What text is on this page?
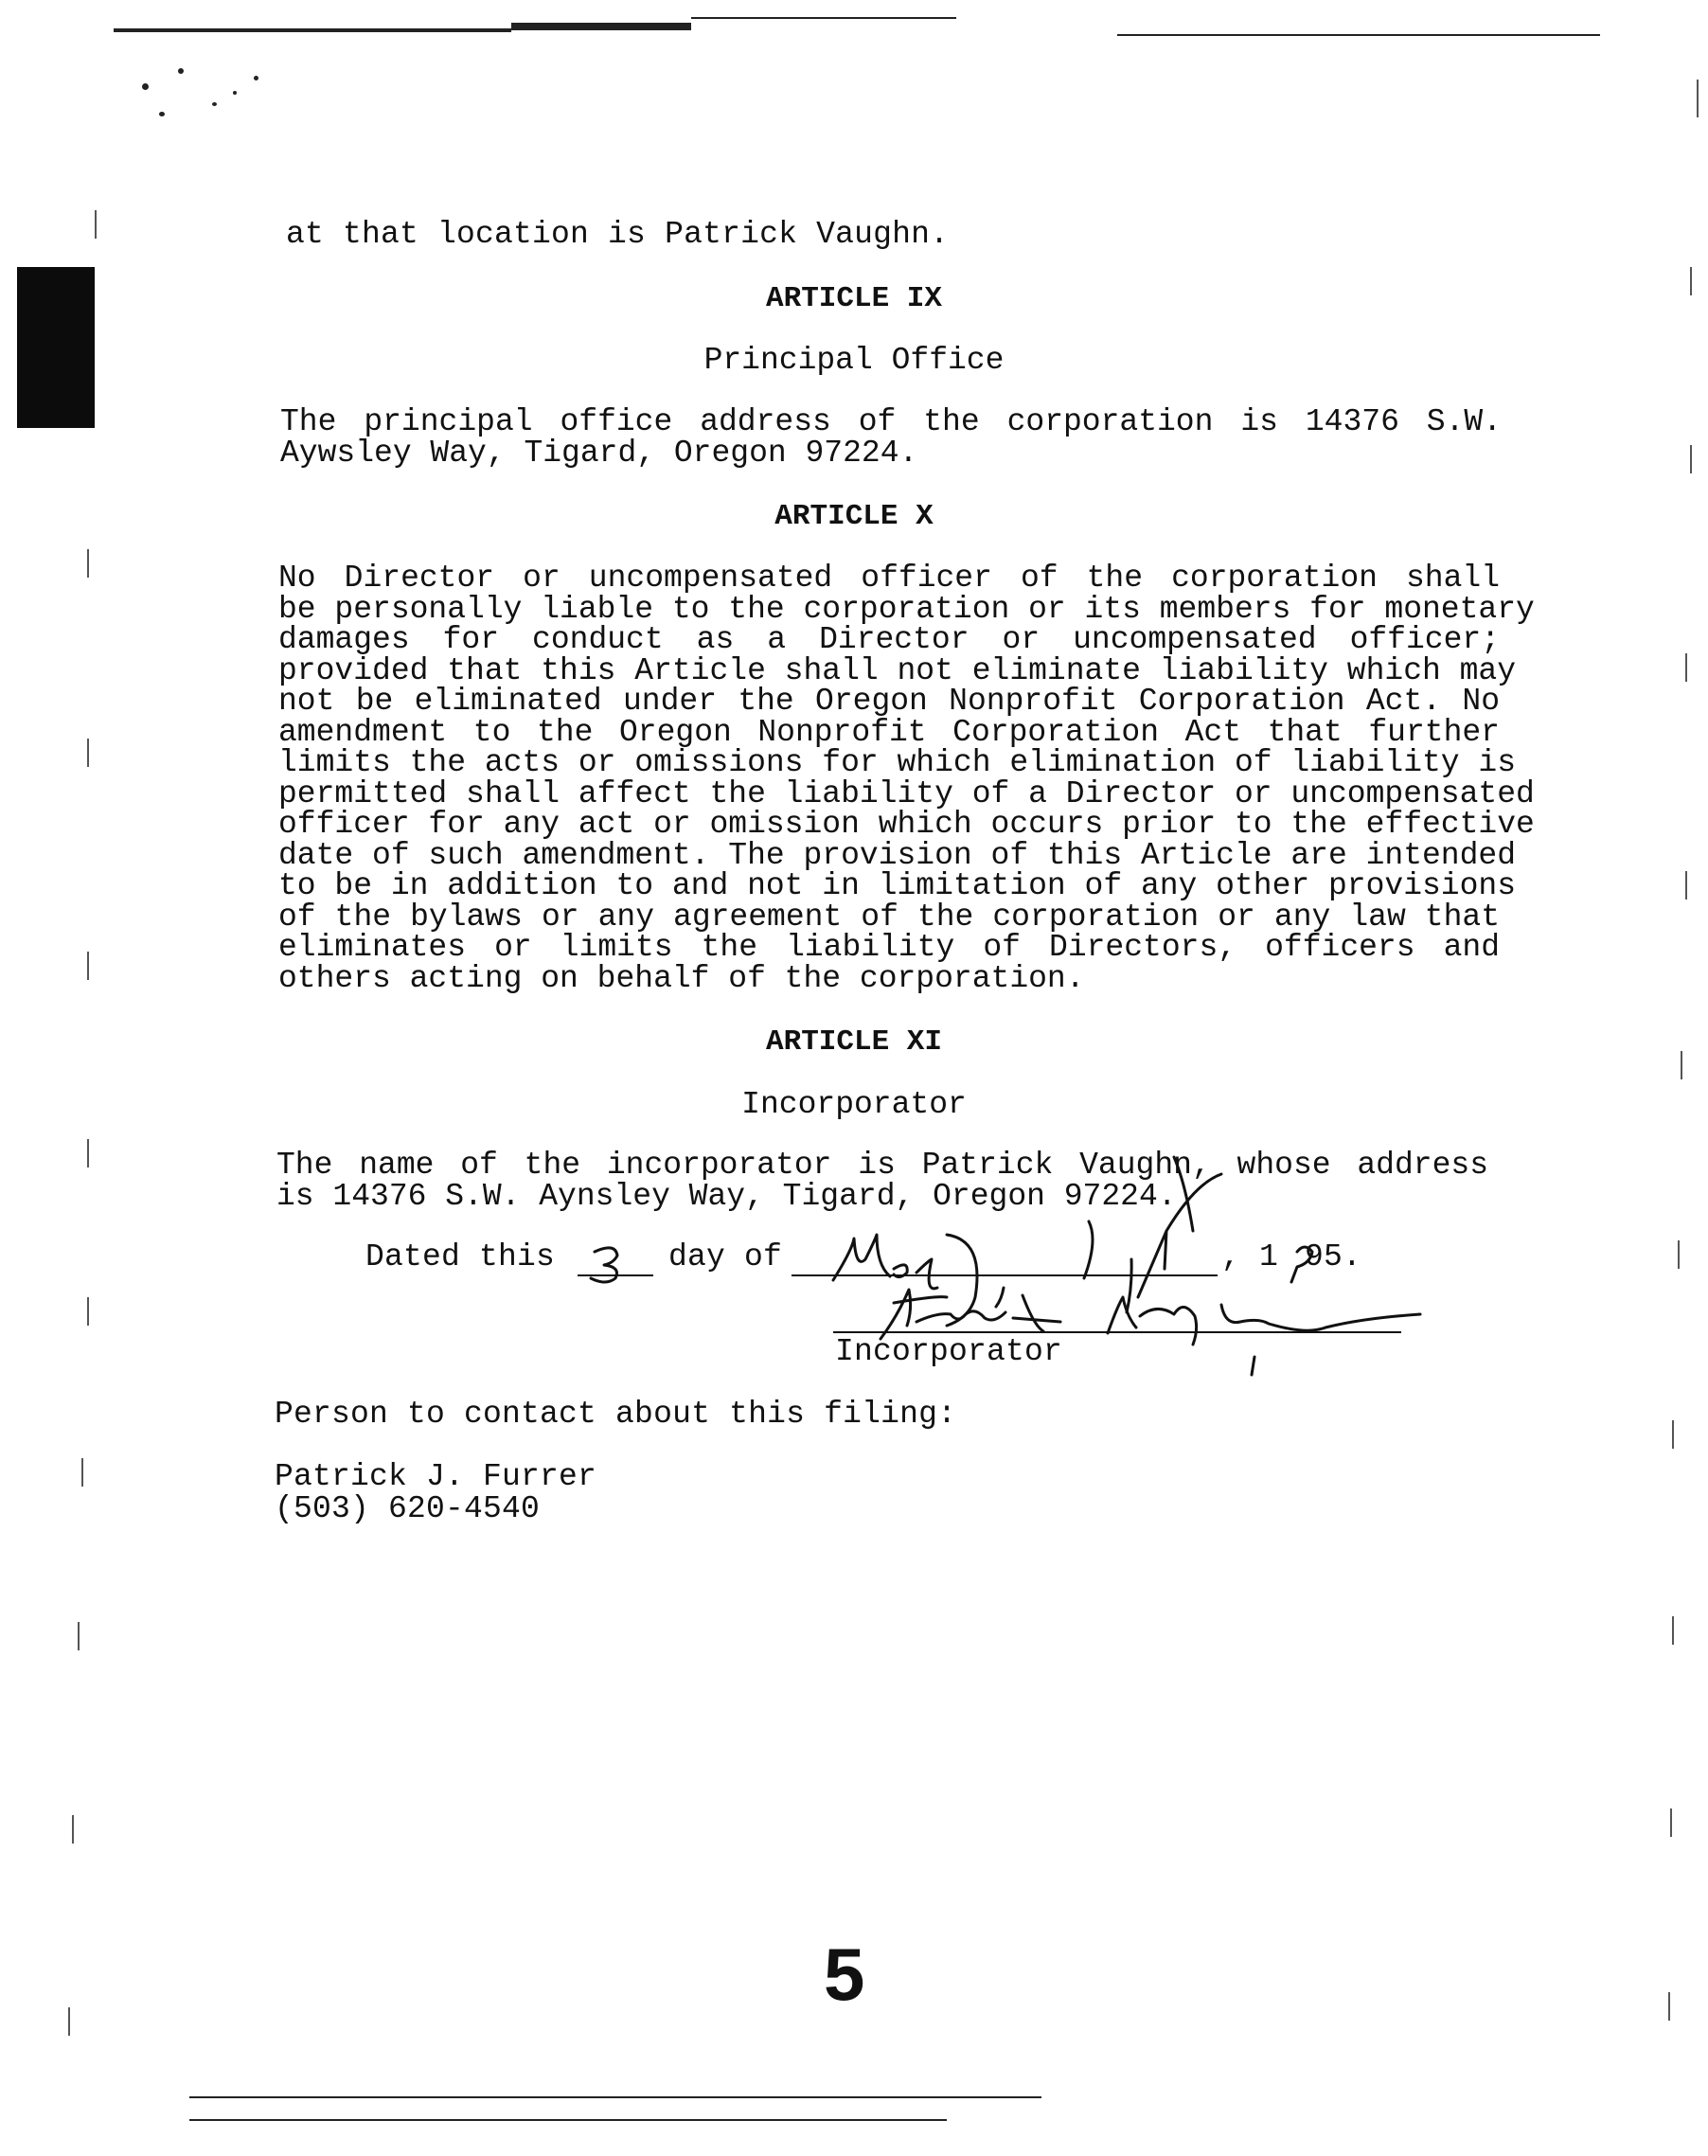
at that location is Patrick Vaughn.
ARTICLE IX
Principal Office
The principal office address of the corporation is 14376 S.W.
Aywsley Way, Tigard, Oregon 97224.
ARTICLE X
No Director or uncompensated officer of the corporation shall
be personally liable to the corporation or its members for monetary
damages for conduct as a Director or uncompensated officer;
provided that this Article shall not eliminate liability which may
not be eliminated under the Oregon Nonprofit Corporation Act. No
amendment to the Oregon Nonprofit Corporation Act that further
limits the acts or omissions for which elimination of liability is
permitted shall affect the liability of a Director or uncompensated
officer for any act or omission which occurs prior to the effective
date of such amendment. The provision of this Article are intended
to be in addition to and not in limitation of any other provisions
of the bylaws or any agreement of the corporation or any law that
eliminates or limits the liability of Directors, officers and
others acting on behalf of the corporation.
ARTICLE XI
Incorporator
The name of the incorporator is Patrick Vaughn, whose address
is 14376 S.W. Aynsley Way, Tigard, Oregon 97224.
Dated this	day of	, 1 95.
Incorporator
Person to contact about this filing:
Patrick J. Furrer
(503) 620-4540
5
